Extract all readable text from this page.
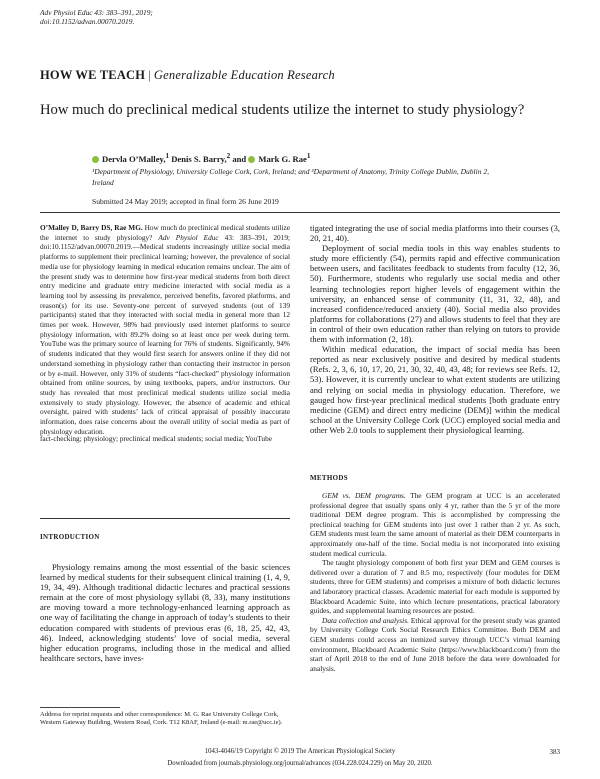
Adv Physiol Educ 43: 383–391, 2019;
doi:10.1152/advan.00070.2019.
HOW WE TEACH | Generalizable Education Research
How much do preclinical medical students utilize the internet to study physiology?
Dervla O’Malley,$^1$ Denis S. Barry,$^2$ and Mark G. Rae$^1$
¹Department of Physiology, University College Cork, Cork, Ireland; and ²Department of Anatomy, Trinity College Dublin, Dublin 2, Ireland
Submitted 24 May 2019; accepted in final form 26 June 2019
O’Malley D, Barry DS, Rae MG. How much do preclinical medical students utilize the internet to study physiology? Adv Physiol Educ 43: 383–391, 2019; doi:10.1152/advan.00070.2019.—Medical students increasingly utilize social media platforms to supplement their preclinical learning; however, the prevalence of social media use for physiology learning in medical education remains unclear. The aim of the present study was to determine how first-year medical students from both direct entry medicine and graduate entry medicine interacted with social media as a learning tool by assessing its prevalence, perceived benefits, favored platforms, and reason(s) for its use. Seventy-one percent of surveyed students (out of 139 participants) stated that they interacted with social media in general more than 12 times per week. However, 98% had previously used internet platforms to source physiology information, with 89.2% doing so at least once per week during term. YouTube was the primary source of learning for 76% of students. Significantly, 94% of students indicated that they would first search for answers online if they did not understand something in physiology rather than contacting their instructor in person or by e-mail. However, only 31% of students “fact-checked” physiology information obtained from online sources, by using textbooks, papers, and/or instructors. Our study has revealed that most preclinical medical students utilize social media extensively to study physiology. However, the absence of academic and ethical oversight, paired with students’ lack of critical appraisal of possibly inaccurate information, does raise concerns about the overall utility of social media as part of physiology education.
fact-checking; physiology; preclinical medical students; social media; YouTube
INTRODUCTION
Physiology remains among the most essential of the basic sciences learned by medical students for their subsequent clinical training (1, 4, 9, 19, 34, 49). Although traditional didactic lectures and practical sessions remain at the core of most physiology syllabi (8, 33), many institutions are moving toward a more technology-enhanced learning approach as one way of facilitating the change in approach of today’s students to their education compared with students of previous eras (6, 18, 25, 42, 43, 46). Indeed, acknowledging students’ love of social media, several higher education programs, including those in the medical and allied healthcare sectors, have inves-
Address for reprint requests and other correspondence: M. G. Rae University College Cork, Western Gateway Building, Western Road, Cork. T12 K8AF, Ireland (e-mail: m.rae@ucc.ie).

tigated integrating the use of social media platforms into their courses (3, 20, 21, 40).

Deployment of social media tools in this way enables students to study more efficiently (54), permits rapid and effective communication between users, and facilitates feedback to students from faculty (12, 36, 50). Furthermore, students who regularly use social media and other learning technologies report higher levels of engagement within the university, an enhanced sense of community (11, 31, 32, 48), and increased confidence/reduced anxiety (40). Social media also provides platforms for collaborations (27) and allows students to feel that they are in control of their own education rather than relying on tutors to provide them with information (2, 18).

Within medical education, the impact of social media has been reported as near exclusively positive and desired by medical students (Refs. 2, 3, 6, 10, 17, 20, 21, 30, 32, 40, 43, 48; for reviews see Refs. 12, 53). However, it is currently unclear to what extent students are utilizing and relying on social media in physiology education. Therefore, we gauged how first-year preclinical medical students [both graduate entry medicine (GEM) and direct entry medicine (DEM)] within the medical school at the University College Cork (UCC) employed social media and other Web 2.0 tools to supplement their physiological learning.

METHODS

GEM vs. DEM programs. The GEM program at UCC is an accelerated professional degree that usually spans only 4 yr, rather than the 5 yr of the more traditional DEM degree program. This is accomplished by compressing the preclinical teaching for GEM students into just over 1 rather than 2 yr. As such, GEM students must learn the same amount of material as their DEM counterparts in approximately one-half of the time. Social media is not incorporated into existing student medical curricula.

The taught physiology component of both first year DEM and GEM courses is delivered over a duration of 7 and 8.5 mo, respectively (four modules for DEM students, three for GEM students) and comprises a mixture of both didactic lectures and laboratory practical classes. Academic material for each module is supported by Blackboard Academic Suite, into which lecture presentations, practical laboratory guides, and supplemental learning resources are posted.

Data collection and analysis. Ethical approval for the present study was granted by University College Cork Social Research Ethics Committee. Both DEM and GEM students could access an itemized survey through UCC’s virtual learning environment, Blackboard Academic Suite (https://www.blackboard.com/) from the start of April 2018 to the end of June 2018 before the data were downloaded for analysis.

1043-4046/19 Copyright © 2019 The American Physiological Society	383
Downloaded from journals.physiology.org/journal/advances (034.228.024.229) on May 20, 2020.
